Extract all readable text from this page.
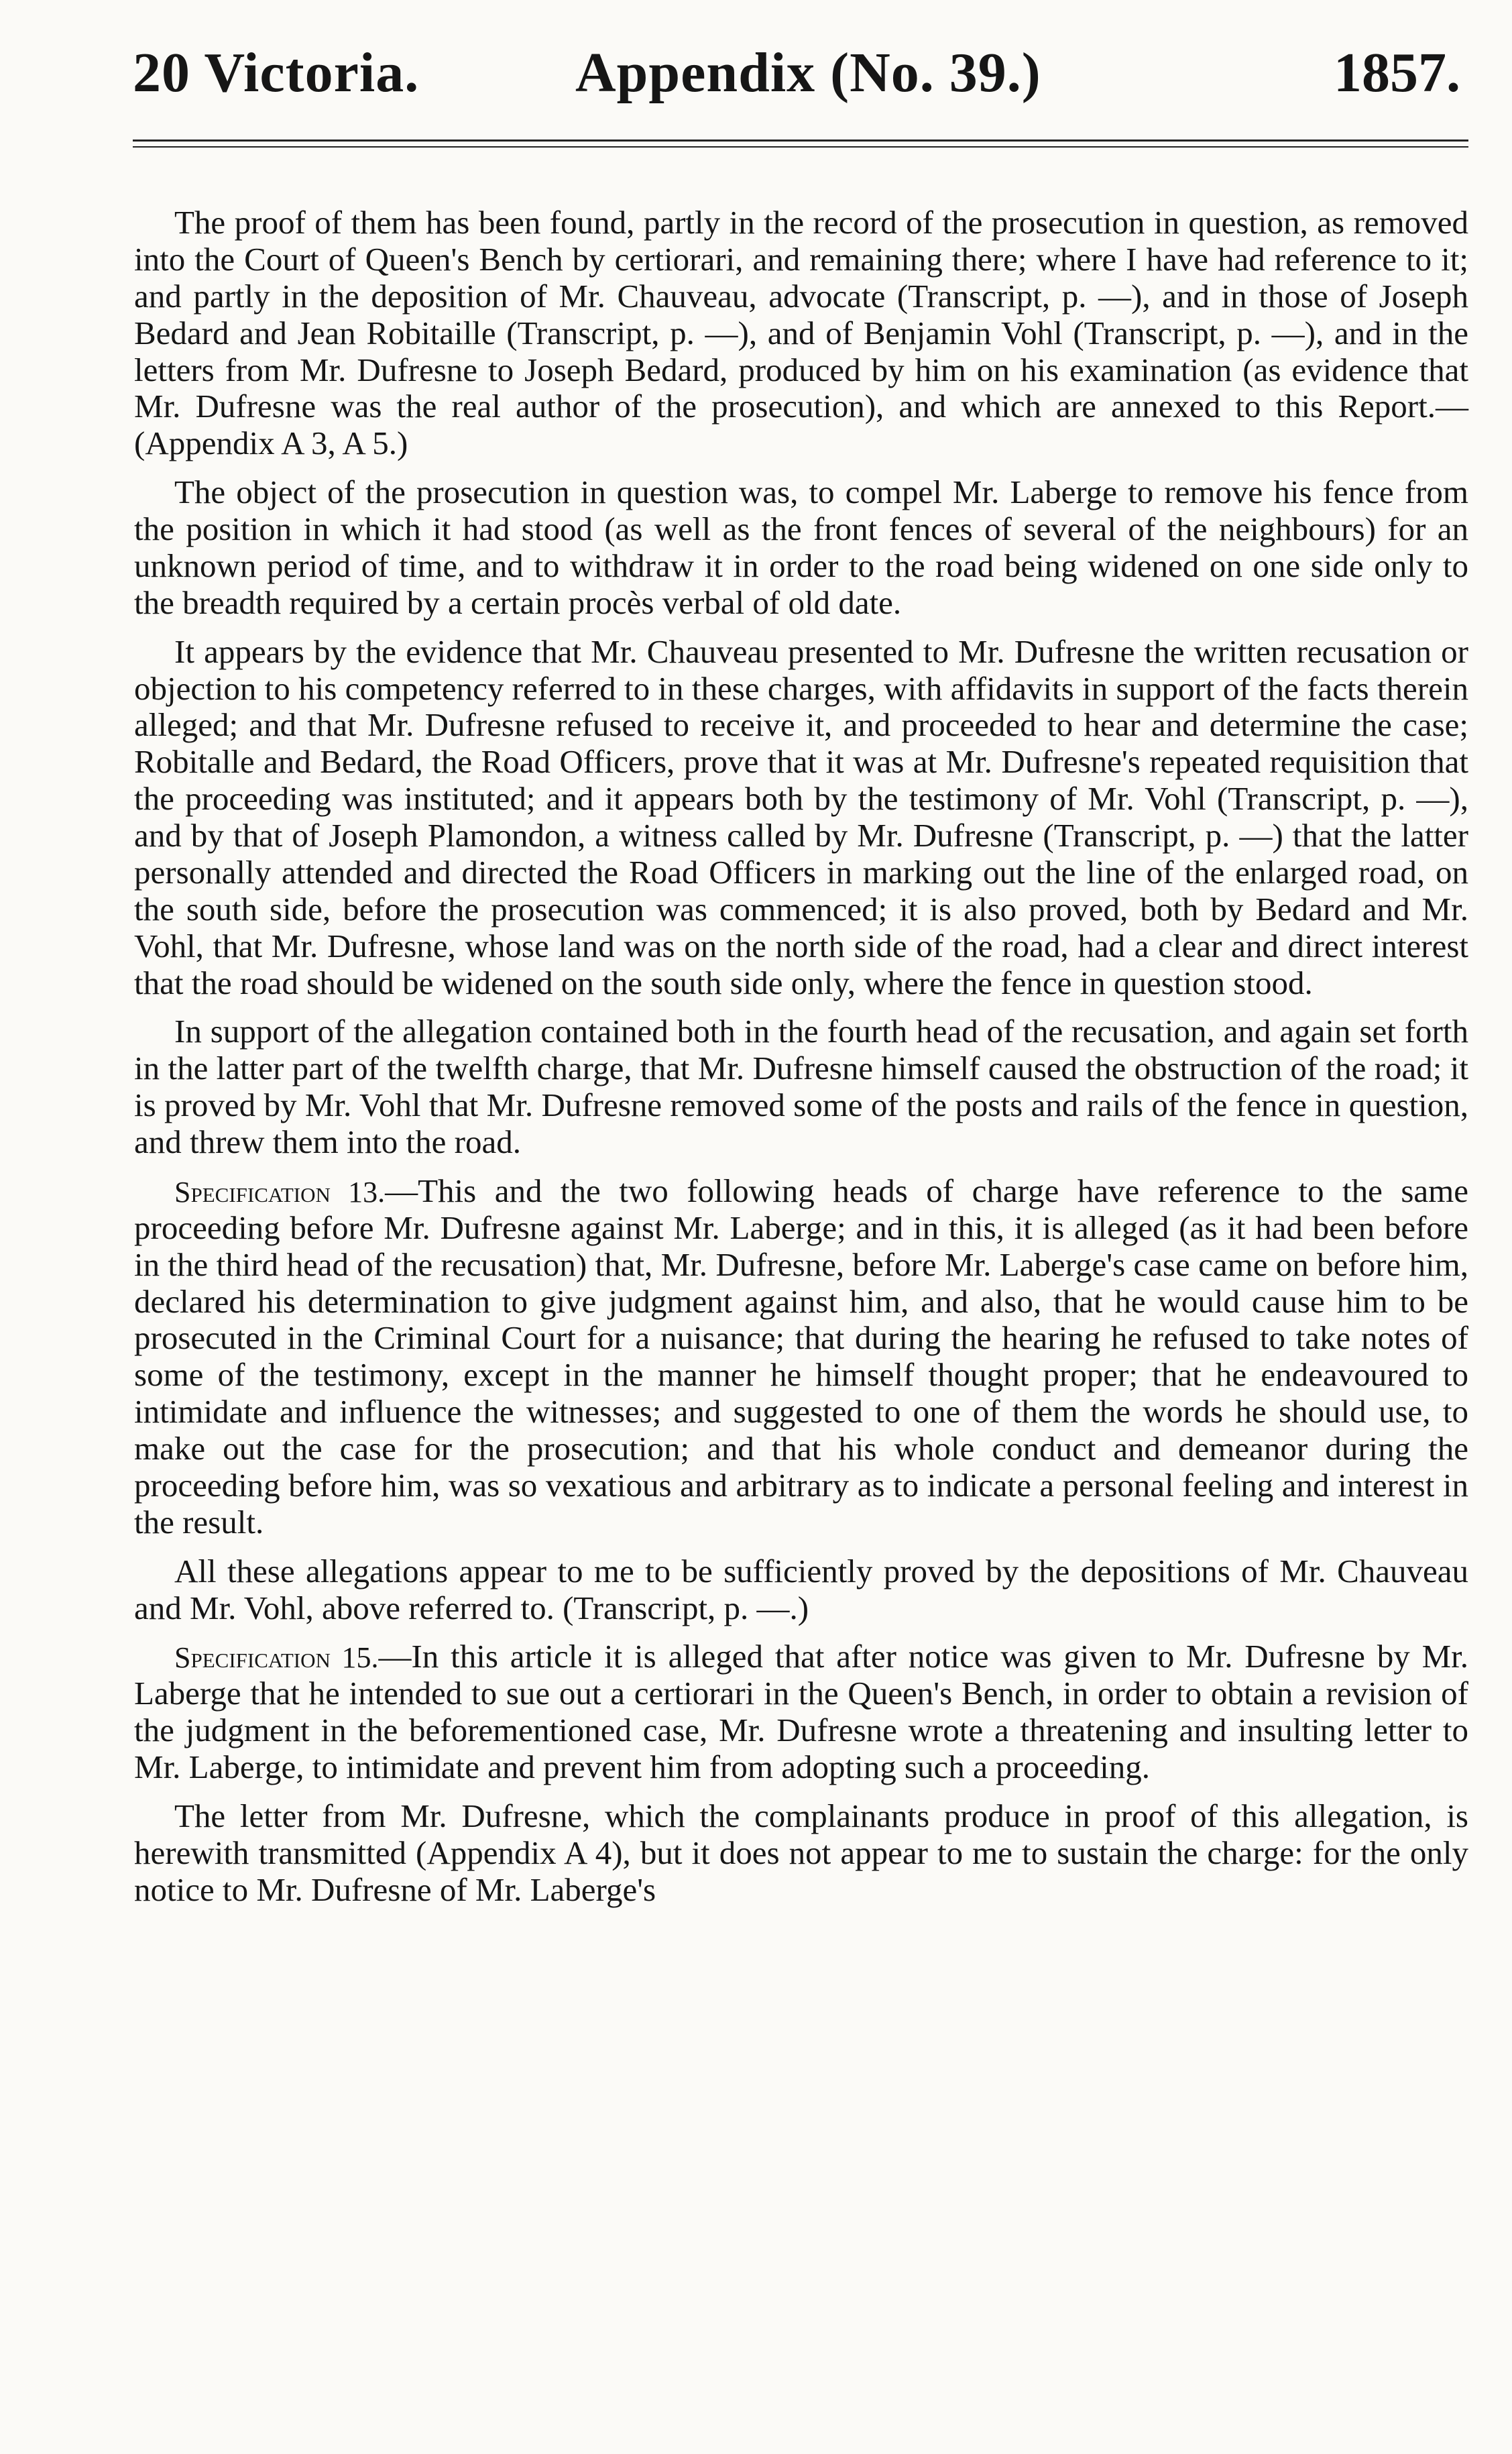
20 Victoria.	Appendix (No. 39.)	1857.

The proof of them has been found, partly in the record of the prosecution in question, as removed into the Court of Queen's Bench by certiorari, and remaining there; where I have had reference to it; and partly in the deposition of Mr. Chauveau, advocate (Transcript, p. —), and in those of Joseph Bedard and Jean Robitaille (Transcript, p. —), and of Benjamin Vohl (Transcript, p. —), and in the letters from Mr. Dufresne to Joseph Bedard, produced by him on his examination (as evidence that Mr. Dufresne was the real author of the prosecution), and which are annexed to this Report.—(Appendix A 3, A 5.)

The object of the prosecution in question was, to compel Mr. Laberge to remove his fence from the position in which it had stood (as well as the front fences of several of the neighbours) for an unknown period of time, and to withdraw it in order to the road being widened on one side only to the breadth required by a certain procès verbal of old date.

It appears by the evidence that Mr. Chauveau presented to Mr. Dufresne the written recusation or objection to his competency referred to in these charges, with affidavits in support of the facts therein alleged; and that Mr. Dufresne refused to receive it, and proceeded to hear and determine the case; Robitalle and Bedard, the Road Officers, prove that it was at Mr. Dufresne's repeated requisition that the proceeding was instituted; and it appears both by the testimony of Mr. Vohl (Transcript, p. —), and by that of Joseph Plamondon, a witness called by Mr. Dufresne (Transcript, p. —) that the latter personally attended and directed the Road Officers in marking out the line of the enlarged road, on the south side, before the prosecution was commenced; it is also proved, both by Bedard and Mr. Vohl, that Mr. Dufresne, whose land was on the north side of the road, had a clear and direct interest that the road should be widened on the south side only, where the fence in question stood.

In support of the allegation contained both in the fourth head of the recusation, and again set forth in the latter part of the twelfth charge, that Mr. Dufresne himself caused the obstruction of the road; it is proved by Mr. Vohl that Mr. Dufresne removed some of the posts and rails of the fence in question, and threw them into the road.

Specification 13.—This and the two following heads of charge have reference to the same proceeding before Mr. Dufresne against Mr. Laberge; and in this, it is alleged (as it had been before in the third head of the recusation) that, Mr. Dufresne, before Mr. Laberge's case came on before him, declared his determination to give judgment against him, and also, that he would cause him to be prosecuted in the Criminal Court for a nuisance; that during the hearing he refused to take notes of some of the testimony, except in the manner he himself thought proper; that he endeavoured to intimidate and influence the witnesses; and suggested to one of them the words he should use, to make out the case for the prosecution; and that his whole conduct and demeanor during the proceeding before him, was so vexatious and arbitrary as to indicate a personal feeling and interest in the result.

All these allegations appear to me to be sufficiently proved by the depositions of Mr. Chauveau and Mr. Vohl, above referred to. (Transcript, p. —.)

Specification 15.—In this article it is alleged that after notice was given to Mr. Dufresne by Mr. Laberge that he intended to sue out a certiorari in the Queen's Bench, in order to obtain a revision of the judgment in the beforementioned case, Mr. Dufresne wrote a threatening and insulting letter to Mr. Laberge, to intimidate and prevent him from adopting such a proceeding.

The letter from Mr. Dufresne, which the complainants produce in proof of this allegation, is herewith transmitted (Appendix A 4), but it does not appear to me to sustain the charge: for the only notice to Mr. Dufresne of Mr. Laberge's
